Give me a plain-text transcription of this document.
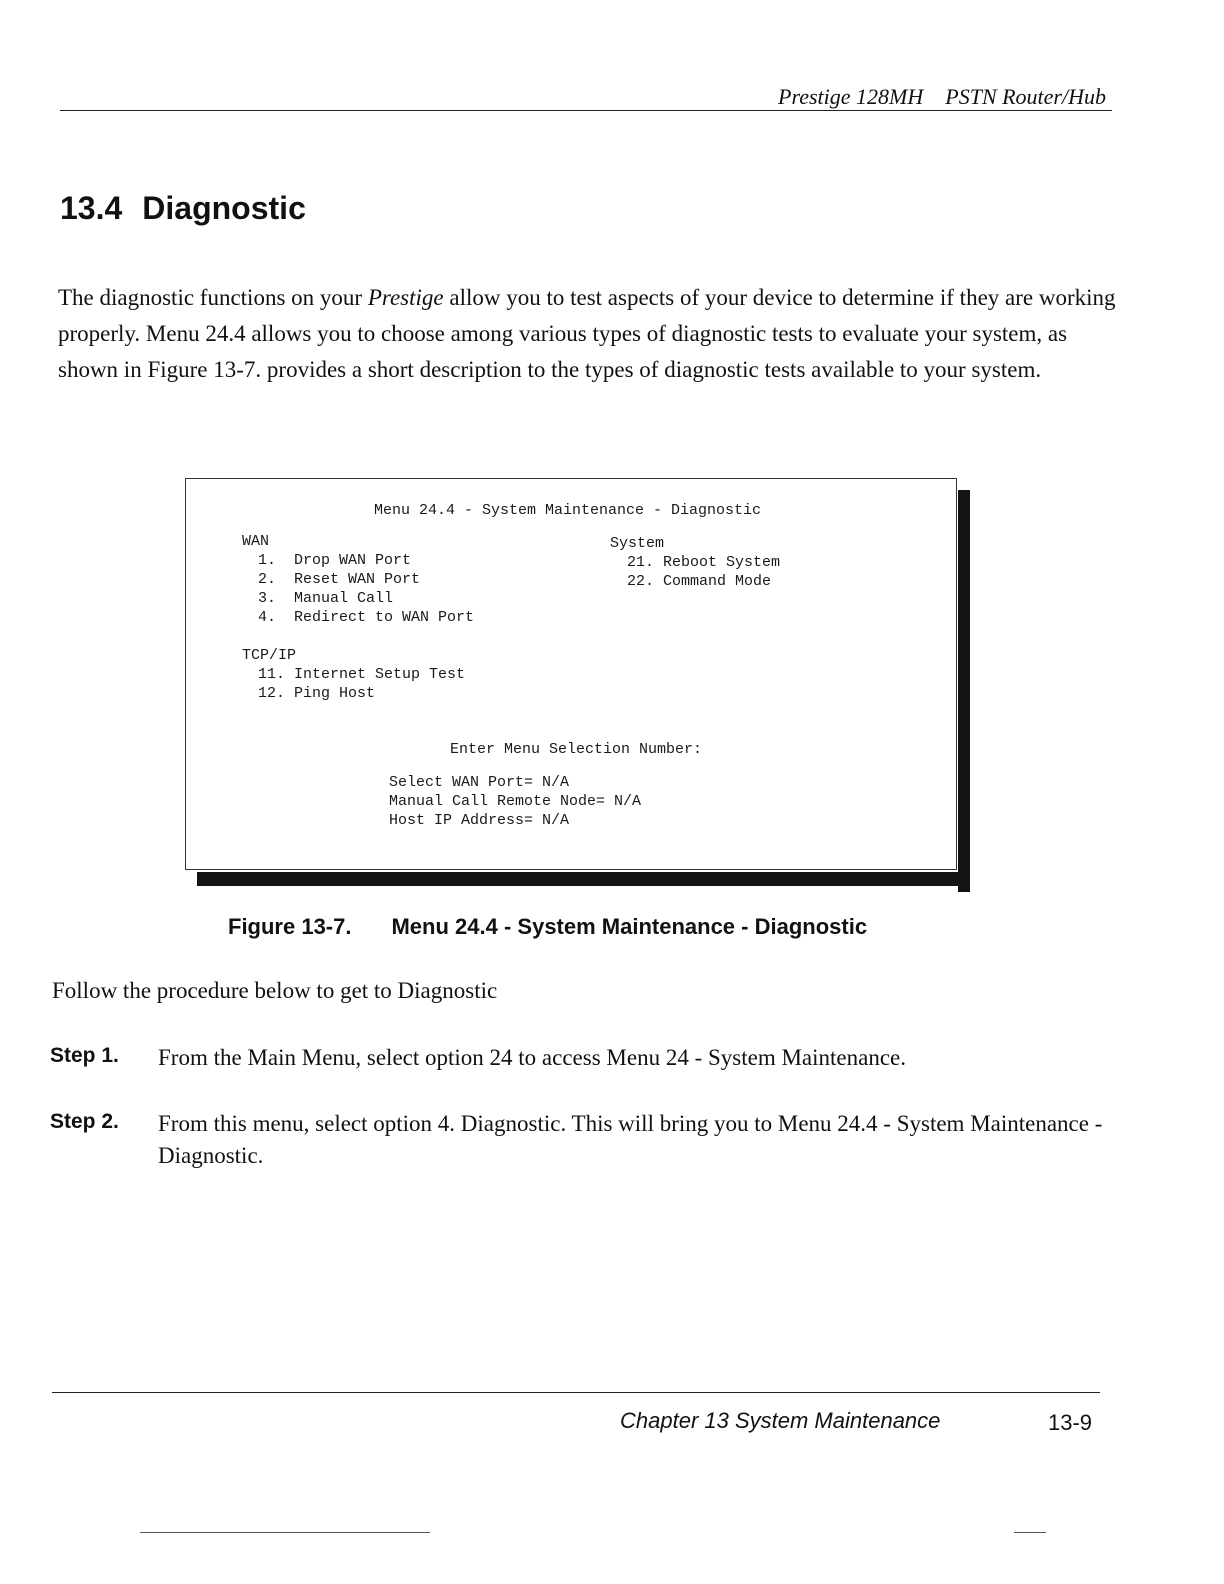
Prestige 128MH PSTN Router/Hub
13.4 Diagnostic

The diagnostic functions on your Prestige allow you to test aspects of your device to determine if they are working properly. Menu 24.4 allows you to choose among various types of diagnostic tests to evaluate your system, as shown in Figure 13-7. provides a short description to the types of diagnostic tests available to your system.

Menu 24.4 - System Maintenance - Diagnostic
WAN
1.  Drop WAN Port
2.  Reset WAN Port
3.  Manual Call
4.  Redirect to WAN Port
System
21. Reboot System
22. Command Mode
TCP/IP
11. Internet Setup Test
12. Ping Host
Enter Menu Selection Number:
Select WAN Port= N/A
Manual Call Remote Node= N/A
Host IP Address= N/A
Figure 13-7. Menu 24.4 - System Maintenance - Diagnostic
Follow the procedure below to get to Diagnostic
Step 1. From the Main Menu, select option 24 to access Menu 24 - System Maintenance.
Step 2. From this menu, select option 4. Diagnostic. This will bring you to Menu 24.4 - System Maintenance - Diagnostic.
Chapter 13 System Maintenance	13-9
